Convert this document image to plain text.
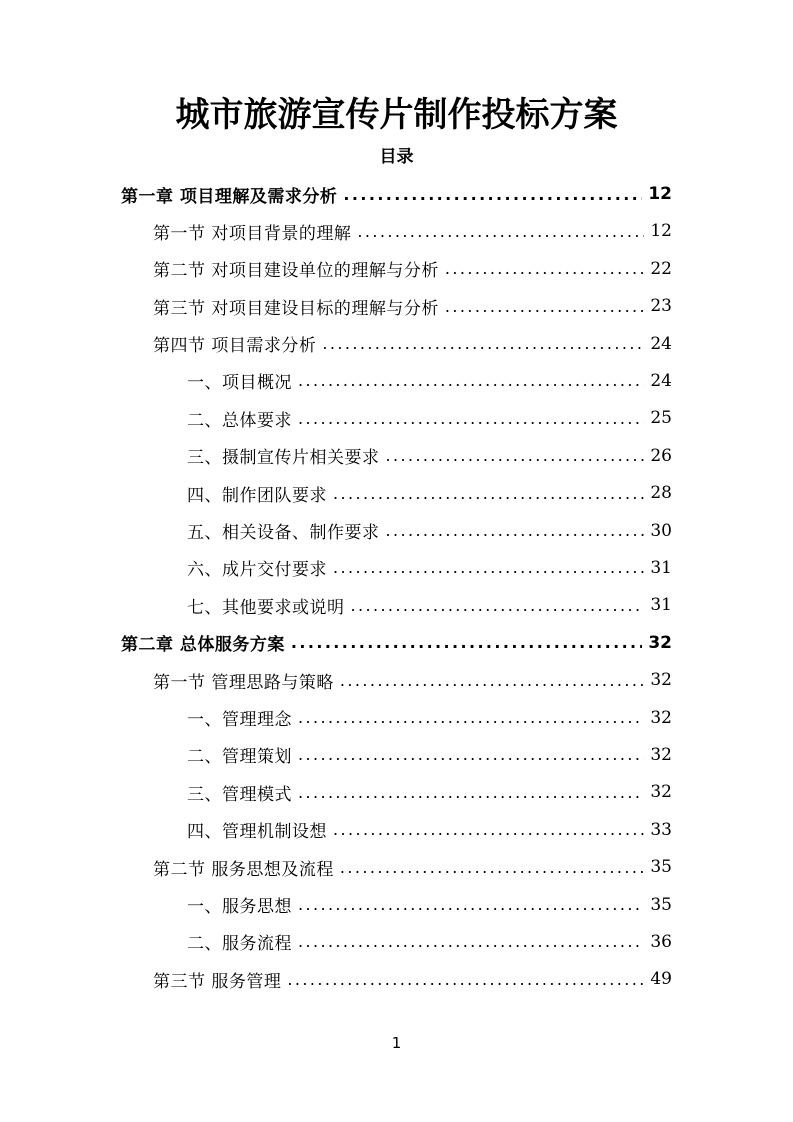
城市旅游宣传片制作投标方案
目录
第一章 项目理解及需求分析 .....	12
第一节 对项目背景的理解 .....	12
第二节 对项目建设单位的理解与分析 .....	22
第三节 对项目建设目标的理解与分析 .....	23
第四节 项目需求分析 .....	24
一、项目概况 .....	24
二、总体要求 .....	25
三、摄制宣传片相关要求 .....	26
四、制作团队要求 .....	28
五、相关设备、制作要求 .....	30
六、成片交付要求 .....	31
七、其他要求或说明 .....	31
第二章 总体服务方案 .....	32
第一节 管理思路与策略 .....	32
一、管理理念 .....	32
二、管理策划 .....	32
三、管理模式 .....	32
四、管理机制设想 .....	33
第二节 服务思想及流程 .....	35
一、服务思想 .....	35
二、服务流程 .....	36
第三节 服务管理 .....	49
1
